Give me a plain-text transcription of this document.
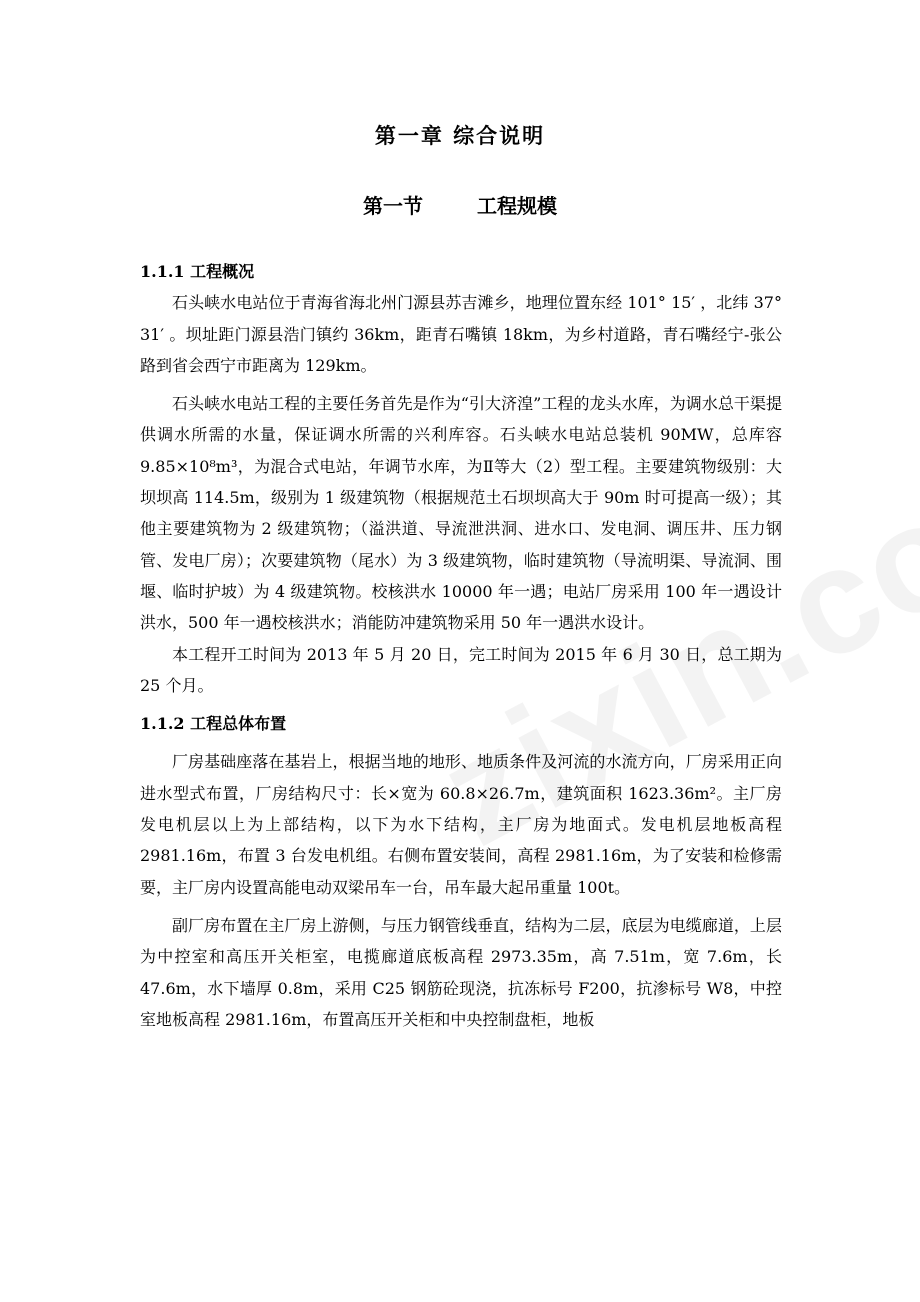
第一章 综合说明
第一节	工程规模
1.1.1 工程概况
石头峡水电站位于青海省海北州门源县苏吉滩乡，地理位置东经 101° 15′ ，北纬 37° 31′ 。坝址距门源县浩门镇约 36km，距青石嘴镇 18km，为乡村道路，青石嘴经宁-张公路到省会西宁市距离为 129km。
石头峡水电站工程的主要任务首先是作为“引大济湟”工程的龙头水库，为调水总干渠提供调水所需的水量，保证调水所需的兴利库容。石头峡水电站总装机 90MW，总库容 9.85×10⁸m³，为混合式电站，年调节水库，为Ⅱ等大（2）型工程。主要建筑物级别：大坝坝高 114.5m，级别为 1 级建筑物（根据规范土石坝坝高大于 90m 时可提高一级）；其他主要建筑物为 2 级建筑物；（溢洪道、导流泄洪洞、进水口、发电洞、调压井、压力钢管、发电厂房）；次要建筑物（尾水）为 3 级建筑物，临时建筑物（导流明渠、导流洞、围堰、临时护坡）为 4 级建筑物。校核洪水 10000 年一遇；电站厂房采用 100 年一遇设计洪水，500 年一遇校核洪水；消能防冲建筑物采用 50 年一遇洪水设计。
本工程开工时间为 2013 年 5 月 20 日，完工时间为 2015 年 6 月 30 日，总工期为 25 个月。
1.1.2 工程总体布置
厂房基础座落在基岩上，根据当地的地形、地质条件及河流的水流方向，厂房采用正向进水型式布置，厂房结构尺寸：长×宽为 60.8×26.7m，建筑面积 1623.36m²。主厂房发电机层以上为上部结构，以下为水下结构，主厂房为地面式。发电机层地板高程 2981.16m，布置 3 台发电机组。右侧布置安装间，高程 2981.16m，为了安装和检修需要，主厂房内设置高能电动双梁吊车一台，吊车最大起吊重量 100t。
副厂房布置在主厂房上游侧，与压力钢管线垂直，结构为二层，底层为电缆廊道，上层为中控室和高压开关柜室，电揽廊道底板高程 2973.35m，高 7.51m，宽 7.6m，长 47.6m，水下墙厚 0.8m，采用 C25 钢筋砼现浇，抗冻标号 F200，抗渗标号 W8，中控室地板高程 2981.16m，布置高压开关柜和中央控制盘柜，地板
